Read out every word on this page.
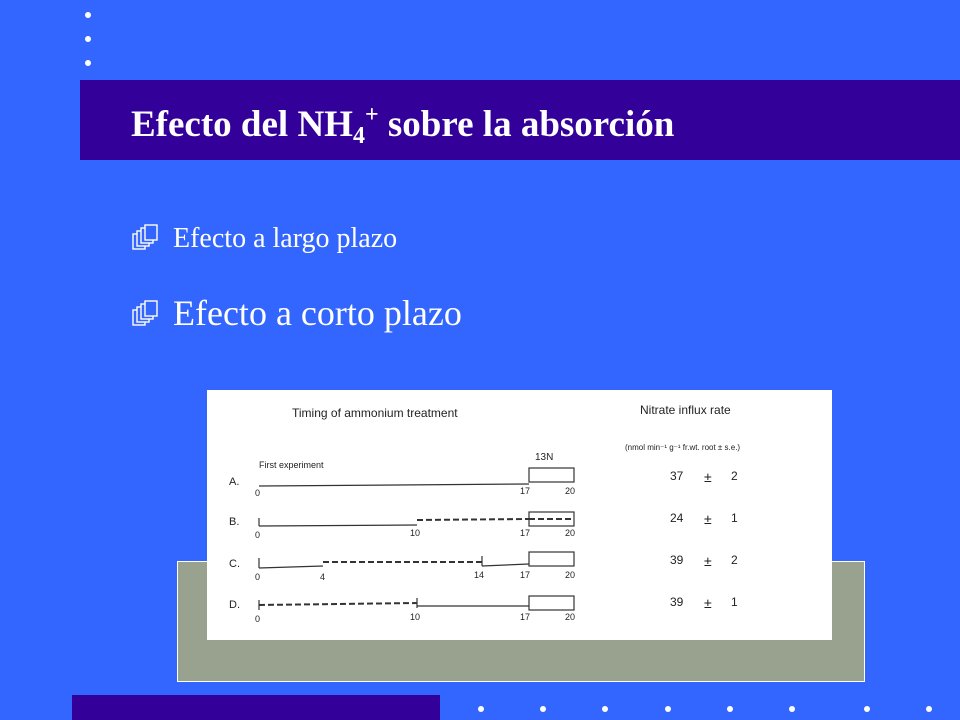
Efecto del $NH_4^+$ sobre la absorción
Efecto a largo plazo
Efecto a corto plazo
Timing of ammonium treatment	Nitrate influx rate
(nmol min⁻¹ g⁻¹ fr.wt. root ± s.e.)
First experiment
13N
A.
0	17	20
37 ± 2
B.
0	10	17	20
24 ± 1
C.
0	4	14	17	20
39 ± 2
D.
0	10	17	20
39 ± 1
